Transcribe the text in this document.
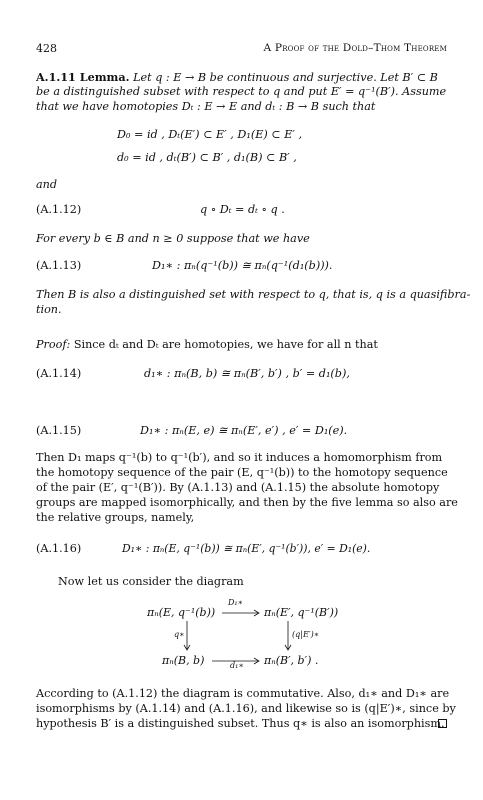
428	A Proof of the Dold–Thom Theorem
A.1.11 Lemma. Let q : E → B be continuous and surjective. Let B′ ⊂ B
be a distinguished subset with respect to q and put E′ = q⁻¹(B′). Assume
that we have homotopies Dₜ : E → E and dₜ : B → B such that
D₀ = id , Dₜ(E′) ⊂ E′ , D₁(E) ⊂ E′ ,
d₀ = id , dₜ(B′) ⊂ B′ , d₁(B) ⊂ B′ ,
and
(A.1.12)	q ∘ Dₜ = dₜ ∘ q .
For every b ∈ B and n ≥ 0 suppose that we have
(A.1.13)	D₁∗ : πₙ(q⁻¹(b)) ≅ πₙ(q⁻¹(d₁(b))).
Then B is also a distinguished set with respect to q, that is, q is a quasifibra-
tion.
Proof: Since dₜ and Dₜ are homotopies, we have for all n that
(A.1.14)	d₁∗ : πₙ(B, b) ≅ πₙ(B′, b′) , b′ = d₁(b),
(A.1.15)	D₁∗ : πₙ(E, e) ≅ πₙ(E′, e′) , e′ = D₁(e).
Then D₁ maps q⁻¹(b) to q⁻¹(b′), and so it induces a homomorphism from
the homotopy sequence of the pair (E, q⁻¹(b)) to the homotopy sequence
of the pair (E′, q⁻¹(B′)). By (A.1.13) and (A.1.15) the absolute homotopy
groups are mapped isomorphically, and then by the five lemma so also are
the relative groups, namely,
(A.1.16)	D₁∗ : πₙ(E, q⁻¹(b)) ≅ πₙ(E′, q⁻¹(b′)), e′ = D₁(e).
Now let us consider the diagram
πₙ(E, q⁻¹(b))
D₁∗
πₙ(E′, q⁻¹(B′))
q∗	(q|E′)∗
πₙ(B, b)	d₁∗ πₙ(B′, b′) .
According to (A.1.12) the diagram is commutative. Also, d₁∗ and D₁∗ are
isomorphisms by (A.1.14) and (A.1.16), and likewise so is (q|E′)∗, since by
hypothesis B′ is a distinguished subset. Thus q∗ is also an isomorphism.
